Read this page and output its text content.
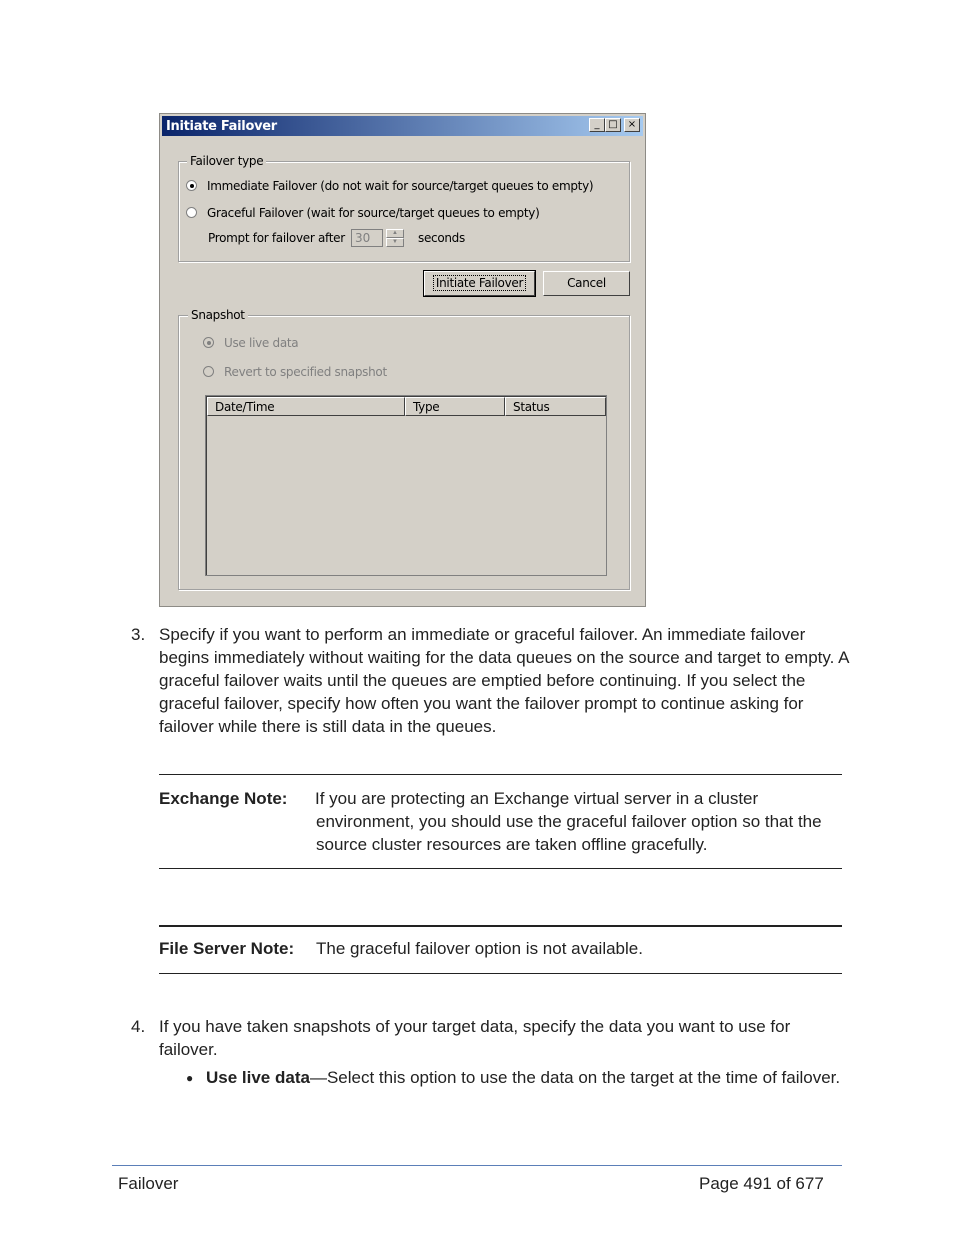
Initiate Failover	_ □	×
Failover type
Immediate Failover (do not wait for source/target queues to empty)
Graceful Failover (wait for source/target queues to empty)
Prompt for failover after 30	▲
▼	seconds
Initiate Failover	Cancel
Snapshot
Use live data
Revert to specified snapshot
Date/Time	Type	Status
3. Specify if you want to perform an immediate or graceful failover. An immediate failover begins immediately without waiting for the data queues on the source and target to empty. A graceful failover waits until the queues are emptied before continuing. If you select the graceful failover, specify how often you want the failover prompt to continue asking for failover while there is still data in the queues.
Exchange Note: If you are protecting an Exchange virtual server in a cluster environment, you should use the graceful failover option so that the source cluster resources are taken offline gracefully.
File Server Note: The graceful failover option is not available.
4. If you have taken snapshots of your target data, specify the data you want to use for failover.
● Use live data—Select this option to use the data on the target at the time of failover.
Failover	Page 491 of 677
